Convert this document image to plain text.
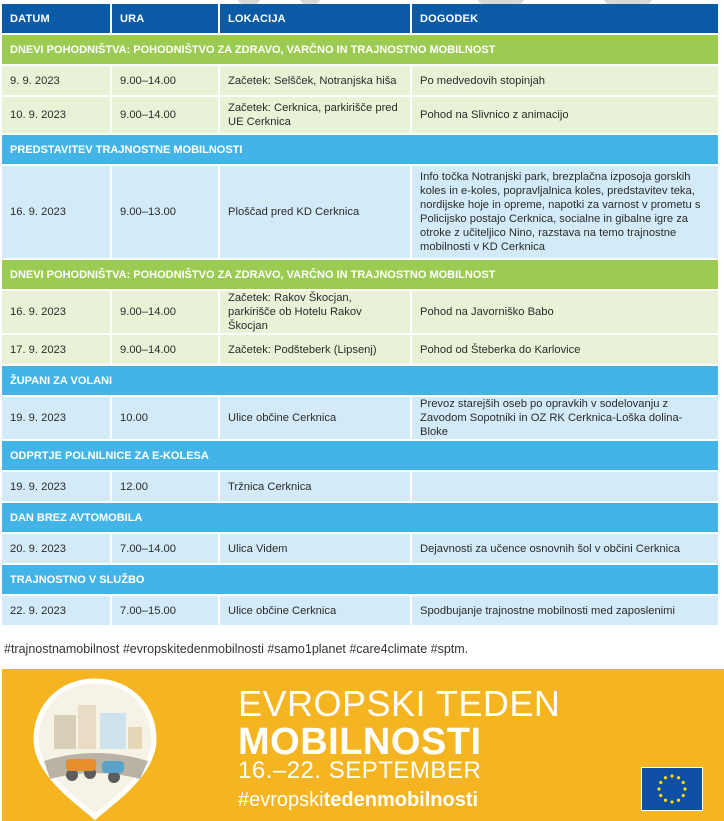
DATUM	URA	LOKACIJA	DOGODEK
DNEVI POHODNIŠTVA: POHODNIŠTVO ZA ZDRAVO, VARČNO IN TRAJNOSTNO MOBILNOST			
9. 9. 2023	9.00–14.00	Začetek: Selšček, Notranjska hiša	Po medvedovih stopinjah
10. 9. 2023	9.00–14.00	Začetek: Cerknica, parkirišče pred UE Cerknica	Pohod na Slivnico z animacijo
PREDSTAVITEV TRAJNOSTNE MOBILNOSTI			
16. 9. 2023	9.00–13.00	Ploščad pred KD Cerknica	Info točka Notranjski park, brezplačna izposoja gorskih koles in e-koles, popravljalnica koles, predstavitev teka, nordijske hoje in opreme, napotki za varnost v prometu s Policijsko postajo Cerknica, socialne in gibalne igre za otroke z učiteljico Nino, razstava na temo trajnostne mobilnosti v KD Cerknica
DNEVI POHODNIŠTVA: POHODNIŠTVO ZA ZDRAVO, VARČNO IN TRAJNOSTNO MOBILNOST			
16. 9. 2023	9.00–14.00	Začetek: Rakov Škocjan, parkirišče ob Hotelu Rakov Škocjan	Pohod na Javorniško Babo
17. 9. 2023	9.00–14.00	Začetek: Podšteberk (Lipsenj)	Pohod od Šteberka do Karlovice
ŽUPANI ZA VOLANI			
19. 9. 2023	10.00	Ulice občine Cerknica	Prevoz starejših oseb po opravkih v sodelovanju z Zavodom Sopotniki in OZ RK Cerknica-Loška dolina-Bloke
ODPRTJE POLNILNICE ZA E-KOLESA			
19. 9. 2023	12.00	Tržnica Cerknica	
DAN BREZ AVTOMOBILA			
20. 9. 2023	7.00–14.00	Ulica Videm	Dejavnosti za učence osnovnih šol v občini Cerknica
TRAJNOSTNO V SLUŽBO			
22. 9. 2023	7.00–15.00	Ulice občine Cerknica	Spodbujanje trajnostne mobilnosti med zaposlenimi
#trajnostnamobilnost #evropskitedenmobilnosti #samo1planet #care4climate #sptm.
EVROPSKI TEDEN
MOBILNOSTI
16.–22. SEPTEMBER
#evropskitedenmobilnosti
